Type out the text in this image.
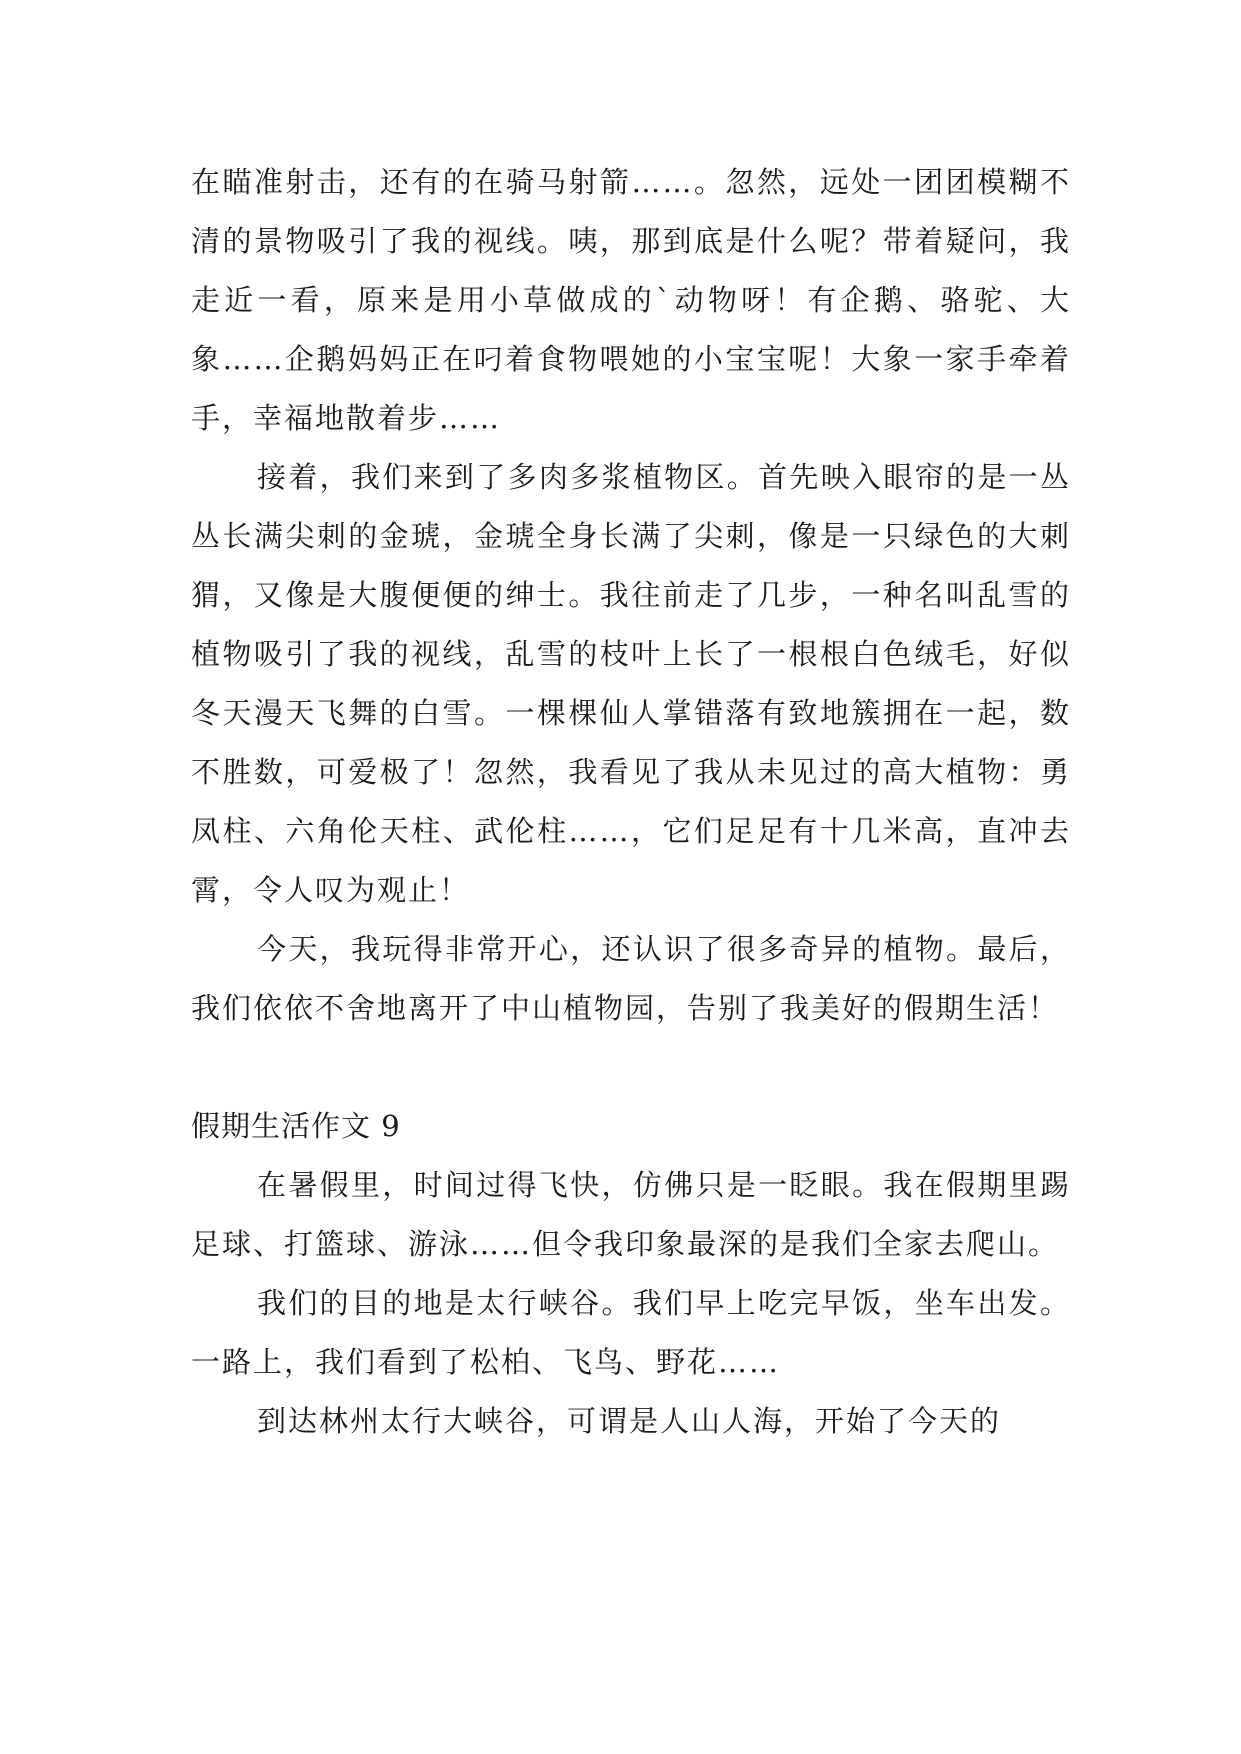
在瞄准射击，还有的在骑马射箭……。忽然，远处一团团模糊不清的景物吸引了我的视线。咦，那到底是什么呢？带着疑问，我走近一看，原来是用小草做成的`动物呀！有企鹅、骆驼、大象……企鹅妈妈正在叼着食物喂她的小宝宝呢！大象一家手牵着手，幸福地散着步……

接着，我们来到了多肉多浆植物区。首先映入眼帘的是一丛丛长满尖刺的金琥，金琥全身长满了尖刺，像是一只绿色的大刺猬，又像是大腹便便的绅士。我往前走了几步，一种名叫乱雪的植物吸引了我的视线，乱雪的枝叶上长了一根根白色绒毛，好似冬天漫天飞舞的白雪。一棵棵仙人掌错落有致地簇拥在一起，数不胜数，可爱极了！忽然，我看见了我从未见过的高大植物：勇凤柱、六角伦天柱、武伦柱……，它们足足有十几米高，直冲去霄，令人叹为观止！

今天，我玩得非常开心，还认识了很多奇异的植物。最后，我们依依不舍地离开了中山植物园，告别了我美好的假期生活！

假期生活作文 9

在暑假里，时间过得飞快，仿佛只是一眨眼。我在假期里踢足球、打篮球、游泳……但令我印象最深的是我们全家去爬山。

我们的目的地是太行峡谷。我们早上吃完早饭，坐车出发。一路上，我们看到了松柏、飞鸟、野花……

到达林州太行大峡谷，可谓是人山人海，开始了今天的
